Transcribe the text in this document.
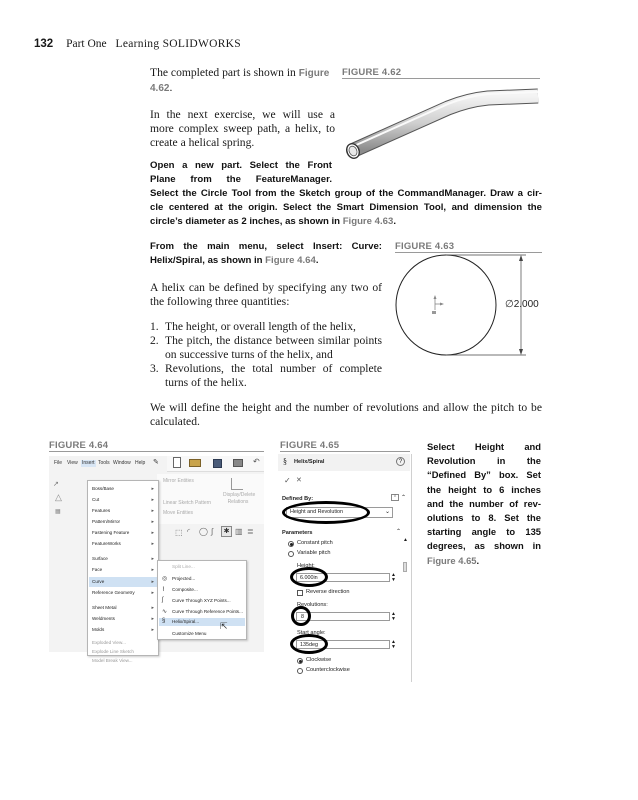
132 Part One Learning SOLIDWORKS
The completed part is shown in Figure 4.62.
FIGURE 4.62
In the next exercise, we will use a
more complex sweep path, a helix, to
create a helical spring.
Open a new part. Select the Front
Plane from the FeatureManager.
Select the Circle Tool from the Sketch group of the CommandManager. Draw a cir-
cle centered at the origin. Select the Smart Dimension Tool, and dimension the
circle’s diameter as 2 inches, as shown in Figure 4.63.
From the main menu, select Insert: Curve:
Helix/Spiral, as shown in Figure 4.64.
FIGURE 4.63
∅2.000
A helix can be defined by specifying any two of
the following three quantities:
1. The height, or overall length of the helix,
2. The pitch, the distance between similar points
on successive turns of the helix, and
3. Revolutions, the total number of complete
turns of the helix.
We will define the height and the number of revolutions and allow the pitch to be
calculated.
FIGURE 4.64
File View Insert Tools Window Help ✎	↶
Mirror Entities
Linear Sketch Pattern
Move Entities
Display/Delete Relations
↗
△
▦
Boss/Base	▸
Cut	▸
Features	▸
Pattern/Mirror	▸
Fastening Feature	▸
FeatureWorks	▸
Surface	▸
Face	▸
Curve	▸
Reference Geometry	▸
Sheet Metal	▸
Weldments	▸
Molds	▸
Exploded View...
Explode Line Sketch
Model Break View...
Split Line...
Projected...
Composite...
Curve Through XYZ Points...
Curve Through Reference Points...
Helix/Spiral...
Customize Menu
◎
⌇
ʃ
∿
§	⇱
⬚ ◜ ◯ ∫	✱ ▥ ≣
FIGURE 4.65
§ Helix/Spiral	?
✓ ✕
Defined By:	^ ⌃
Height and Revolution	⌄
Parameters	⌃
Constant pitch
Variable pitch
Height:
6.000in	▲
▼
Reverse direction
Revolutions:
8	▲
▼
Start angle:
135deg	▲
▼
Clockwise
Counterclockwise
▲
Select Height and
Revolution in the
“Defined By” box. Set
the height to 6 inches
and the number of rev-
olutions to 8. Set the
starting angle to 135
degrees, as shown in
Figure 4.65.
